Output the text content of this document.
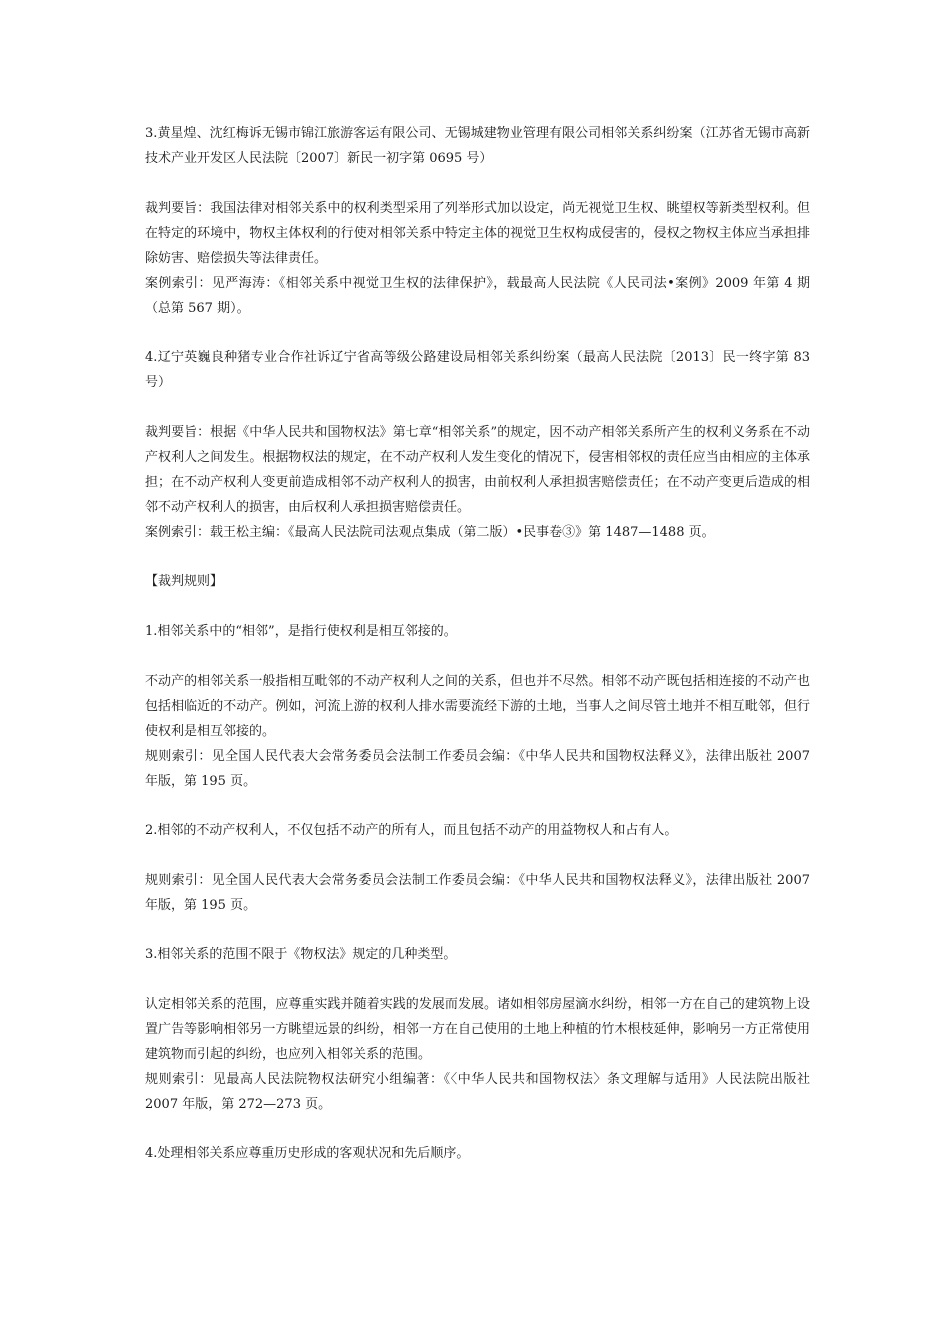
3.黄星煌、沈红梅诉无锡市锦江旅游客运有限公司、无锡城建物业管理有限公司相邻关系纠纷案（江苏省无锡市高新技术产业开发区人民法院〔2007〕新民一初字第 0695 号）

裁判要旨：我国法律对相邻关系中的权利类型采用了列举形式加以设定，尚无视觉卫生权、眺望权等新类型权利。但在特定的环境中，物权主体权利的行使对相邻关系中特定主体的视觉卫生权构成侵害的，侵权之物权主体应当承担排除妨害、赔偿损失等法律责任。

案例索引：见严海涛：《相邻关系中视觉卫生权的法律保护》，载最高人民法院《人民司法•案例》2009 年第 4 期（总第 567 期）。

4.辽宁英巍良种猪专业合作社诉辽宁省高等级公路建设局相邻关系纠纷案（最高人民法院〔2013〕民一终字第 83 号）

裁判要旨：根据《中华人民共和国物权法》第七章“相邻关系”的规定，因不动产相邻关系所产生的权利义务系在不动产权利人之间发生。根据物权法的规定，在不动产权利人发生变化的情况下，侵害相邻权的责任应当由相应的主体承担；在不动产权利人变更前造成相邻不动产权利人的损害，由前权利人承担损害赔偿责任；在不动产变更后造成的相邻不动产权利人的损害，由后权利人承担损害赔偿责任。

案例索引：载王松主编：《最高人民法院司法观点集成（第二版）•民事卷③》第 1487—1488 页。

【裁判规则】

1.相邻关系中的“相邻”，是指行使权利是相互邻接的。

不动产的相邻关系一般指相互毗邻的不动产权利人之间的关系，但也并不尽然。相邻不动产既包括相连接的不动产也包括相临近的不动产。例如，河流上游的权利人排水需要流经下游的土地，当事人之间尽管土地并不相互毗邻，但行使权利是相互邻接的。

规则索引：见全国人民代表大会常务委员会法制工作委员会编：《中华人民共和国物权法释义》，法律出版社 2007 年版，第 195 页。

2.相邻的不动产权利人，不仅包括不动产的所有人，而且包括不动产的用益物权人和占有人。

规则索引：见全国人民代表大会常务委员会法制工作委员会编：《中华人民共和国物权法释义》，法律出版社 2007 年版，第 195 页。

3.相邻关系的范围不限于《物权法》规定的几种类型。

认定相邻关系的范围，应尊重实践并随着实践的发展而发展。诸如相邻房屋滴水纠纷，相邻一方在自己的建筑物上设置广告等影响相邻另一方眺望远景的纠纷，相邻一方在自己使用的土地上种植的竹木根枝延伸，影响另一方正常使用建筑物而引起的纠纷，也应列入相邻关系的范围。

规则索引：见最高人民法院物权法研究小组编著：《〈中华人民共和国物权法〉条文理解与适用》人民法院出版社 2007 年版，第 272—273 页。

4.处理相邻关系应尊重历史形成的客观状况和先后顺序。
